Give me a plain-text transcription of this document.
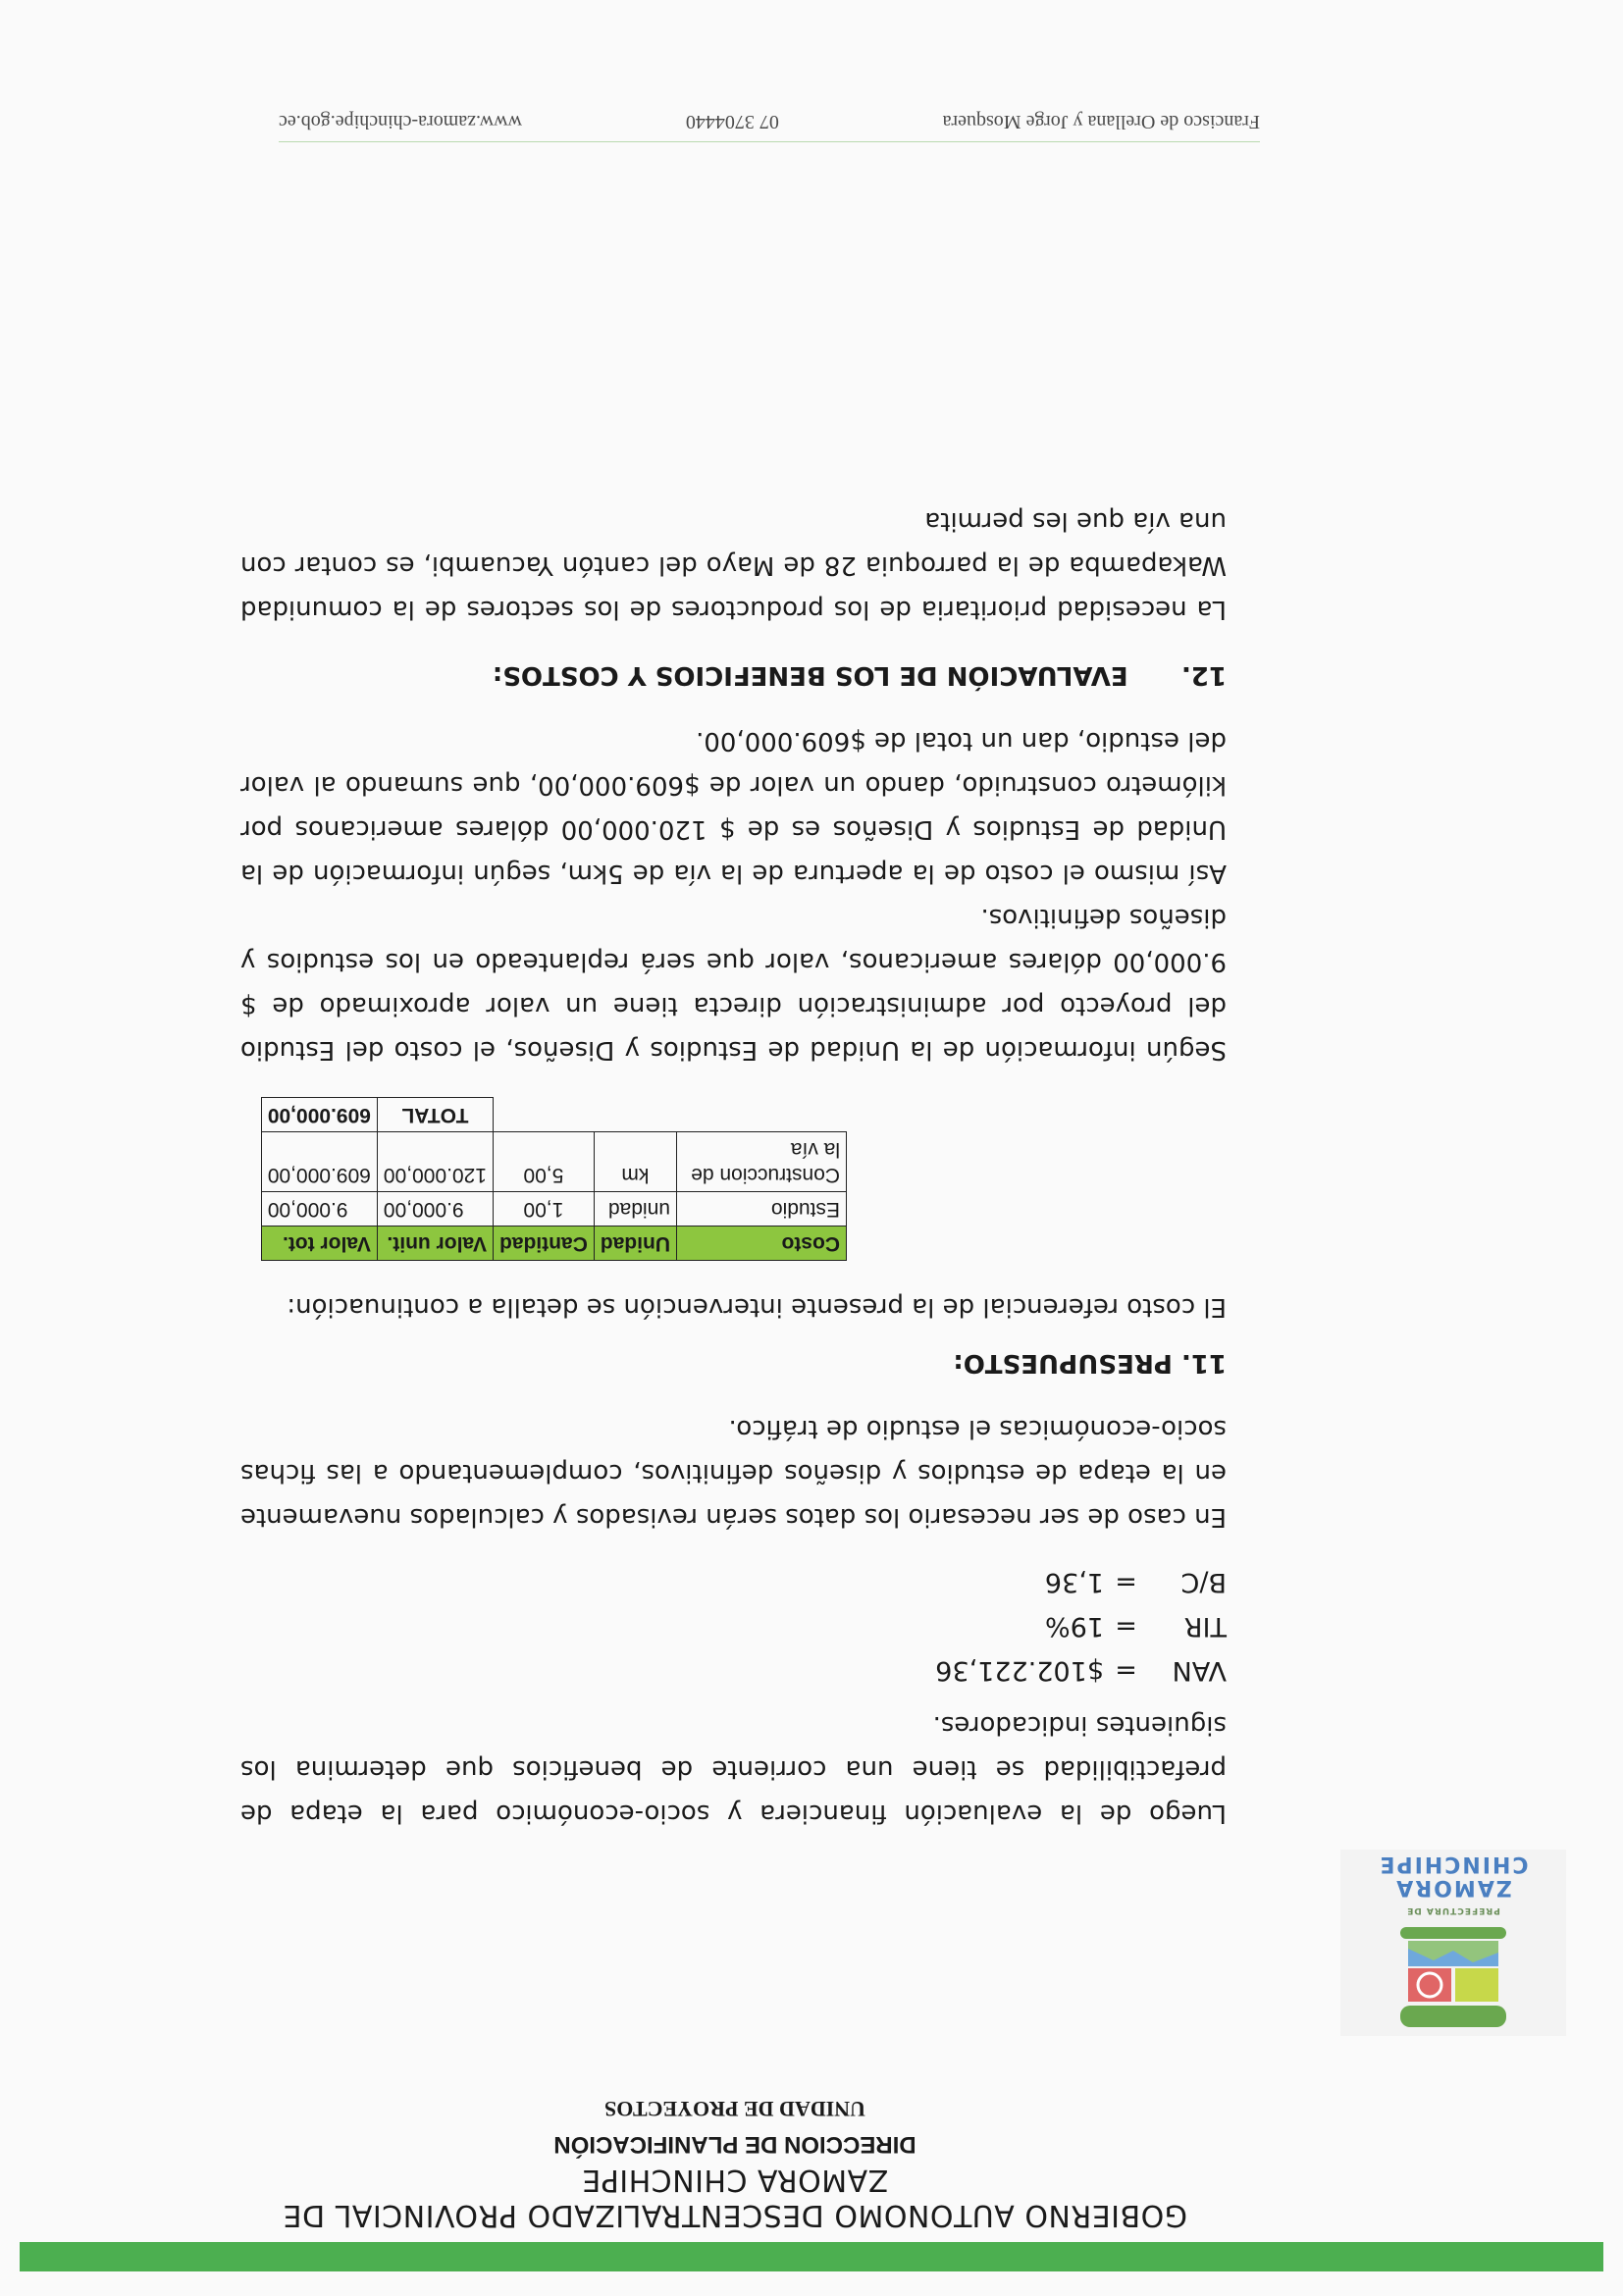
PREFECTURA DE
ZAMORA
CHINCHIPE
GOBIERNO AUTONOMO DESCENTRALIZADO PROVINCIAL DE
ZAMORA CHINCHIPE
DIRECCION DE PLANIFICACIÓN
UNIDAD DE PROYECTOS

Luego de la evaluación financiera y socio-económico para la etapa de prefactibilidad se tiene una corriente de beneficios que determina los siguientes indicadores.

VAN
=
$102.221,36
TIR
=
19%
B/C
=
1,36

En caso de ser necesario los datos serán revisados y calculados nuevamente en la etapa de estudios y diseños definitivos, complementando a las fichas socio-económicas el estudio de tráfico.

11. PRESUPUESTO:

El costo referencial de la presente intervención se detalla a continuación:

Costo	Unidad	Cantidad	Valor unit.	Valor tot.
Estudio	unidad	1,00	9.000,00	9.000,00
Construccion de la vía	km	5,00	120.000,00	609.000,00
			TOTAL	609.000,00

Según información de la Unidad de Estudios y Diseños, el costo del Estudio del proyecto por administración directa tiene un valor aproximado de $ 9.000,00 dólares americanos, valor que será replanteado en los estudios y diseños definitivos.

Así mismo el costo de la apertura de la vía de 5km, según información de la Unidad de Estudios y Diseños es de $ 120.000,00 dólares americanos por kilómetro construido, dando un valor de $609.000,00, que sumando al valor del estudio, dan un total de $609.000,00.

12.      EVALUACIÓN DE LOS BENEFICIOS Y COSTOS:

La necesidad prioritaria de los productores de los sectores de la comunidad Wakapamba de la parroquia 28 de Mayo del cantón Yacuambi, es contar con una vía que les permita

Francisco de Orellana y Jorge Mosquera
07 3704440
www.zamora-chinchipe.gob.ec
